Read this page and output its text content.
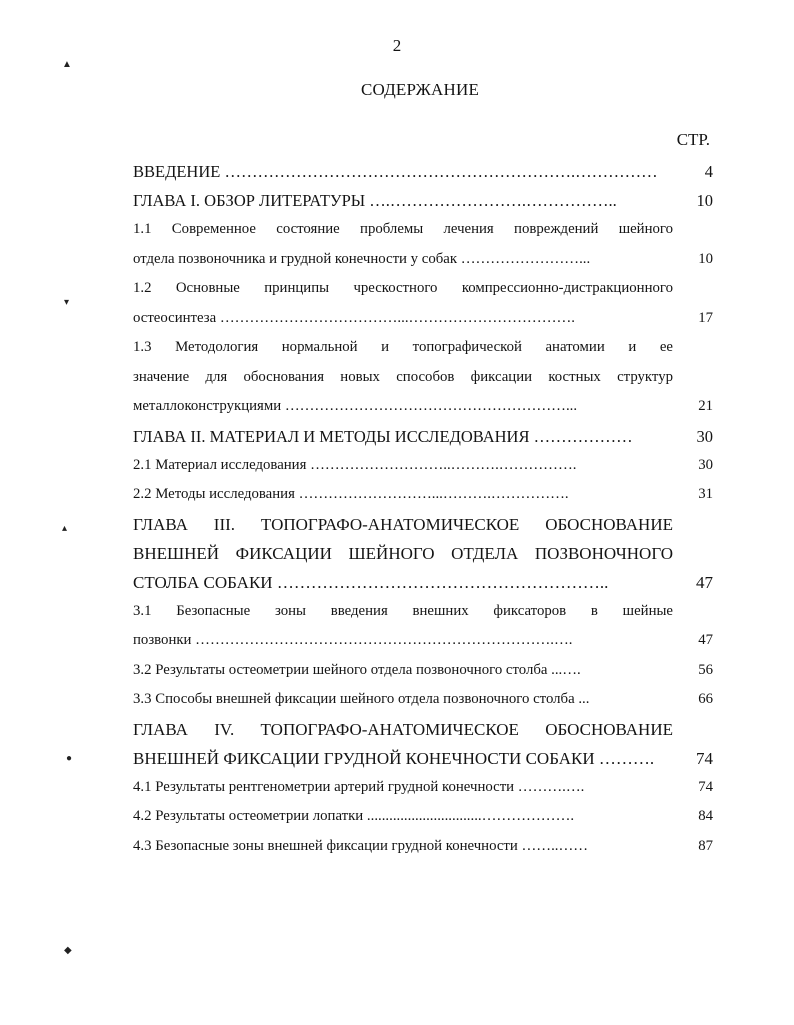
2
СОДЕРЖАНИЕ
СТР.
ВВЕДЕНИЕ ……………………………………………………….……………	4
ГЛАВА I. ОБЗОР ЛИТЕРАТУРЫ ….…………………….……………..	10
1.1 Современное состояние проблемы лечения повреждений шейного
отдела позвоночника и грудной конечности у собак ……………………...	10
1.2 Основные принципы чрескостного компрессионно-дистракционного
остеосинтеза ………………………………...…………………………….	17
1.3 Методология нормальной и топографической анатомии и ее
значение для обоснования новых способов фиксации костных структур
металлоконструкциями …………………………………………………...	21
ГЛАВА II. МАТЕРИАЛ И МЕТОДЫ ИССЛЕДОВАНИЯ ………………	30
2.1 Материал исследования ………………………..……….…………….	30
2.2 Методы исследования ………………………...……….…………….	31
ГЛАВА III. ТОПОГРАФО-АНАТОМИЧЕСКОЕ ОБОСНОВАНИЕ
ВНЕШНЕЙ ФИКСАЦИИ ШЕЙНОГО ОТДЕЛА ПОЗВОНОЧНОГО
СТОЛБА СОБАКИ …………………………………………………..	47
3.1 Безопасные зоны введения внешних фиксаторов в шейные
позвонки ……………………………………………………………….….	47
3.2 Результаты остеометрии шейного отдела позвоночного столба ...….	56
3.3 Способы внешней фиксации шейного отдела позвоночного столба ...	66
ГЛАВА IV. ТОПОГРАФО-АНАТОМИЧЕСКОЕ ОБОСНОВАНИЕ
ВНЕШНЕЙ ФИКСАЦИИ ГРУДНОЙ КОНЕЧНОСТИ СОБАКИ ……….	74
4.1 Результаты рентгенометрии артерий грудной конечности ……….….	74
4.2 Результаты остеометрии лопатки ...............................……………….	84
4.3 Безопасные зоны внешней фиксации грудной конечности ……..……	87
▲
▾
▴
●
◆
